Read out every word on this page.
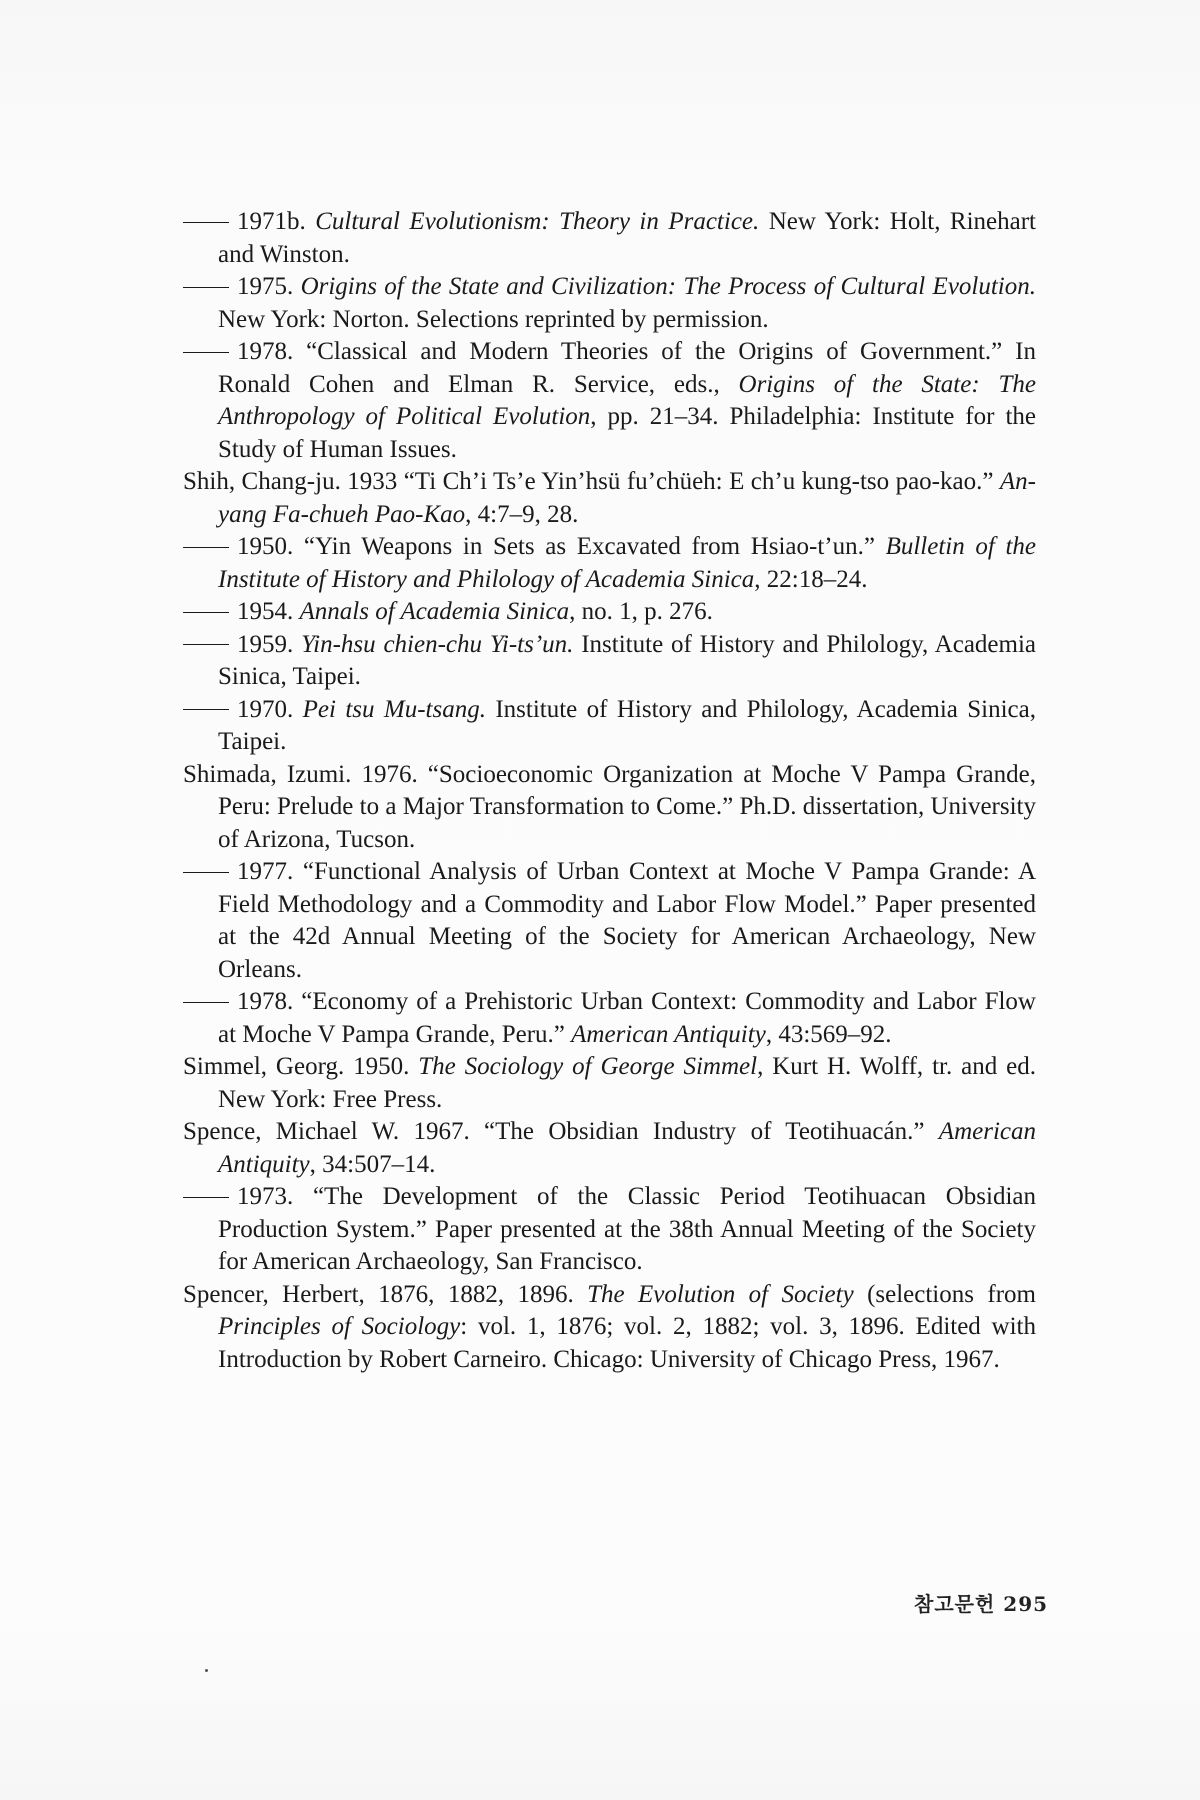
1971b. Cultural Evolutionism: Theory in Practice. New York: Holt, Rinehart and Winston.

1975. Origins of the State and Civilization: The Process of Cultural Evolution. New York: Norton. Selections reprinted by permission.

1978. “Classical and Modern Theories of the Origins of Government.” In Ronald Cohen and Elman R. Service, eds., Origins of the State: The Anthropology of Political Evolution, pp. 21–34. Philadelphia: Institute for the Study of Human Issues.

Shih, Chang-ju. 1933 “Ti Ch’i Ts’e Yin’hsü fu’chüeh: E ch’u kung-tso pao-kao.” An-yang Fa-chueh Pao-Kao, 4:7–9, 28.

1950. “Yin Weapons in Sets as Excavated from Hsiao-t’un.” Bulletin of the Institute of History and Philology of Academia Sinica, 22:18–24.

1954. Annals of Academia Sinica, no. 1, p. 276.

1959. Yin-hsu chien-chu Yi-ts’un. Institute of History and Philology, Academia Sinica, Taipei.

1970. Pei tsu Mu-tsang. Institute of History and Philology, Academia Sinica, Taipei.

Shimada, Izumi. 1976. “Socioeconomic Organization at Moche V Pampa Grande, Peru: Prelude to a Major Transformation to Come.” Ph.D. dissertation, University of Arizona, Tucson.

1977. “Functional Analysis of Urban Context at Moche V Pampa Grande: A Field Methodology and a Commodity and Labor Flow Model.” Paper presented at the 42d Annual Meeting of the Society for American Archaeology, New Orleans.

1978. “Economy of a Prehistoric Urban Context: Commodity and Labor Flow at Moche V Pampa Grande, Peru.” American Antiquity, 43:569–92.

Simmel, Georg. 1950. The Sociology of George Simmel, Kurt H. Wolff, tr. and ed. New York: Free Press.

Spence, Michael W. 1967. “The Obsidian Industry of Teotihuacán.” American Antiquity, 34:507–14.

1973. “The Development of the Classic Period Teotihuacan Obsidian Production System.” Paper presented at the 38th Annual Meeting of the Society for American Archaeology, San Francisco.

Spencer, Herbert, 1876, 1882, 1896. The Evolution of Society (selections from Principles of Sociology: vol. 1, 1876; vol. 2, 1882; vol. 3, 1896. Edited with Introduction by Robert Carneiro. Chicago: University of Chicago Press, 1967.

참고문헌 295
